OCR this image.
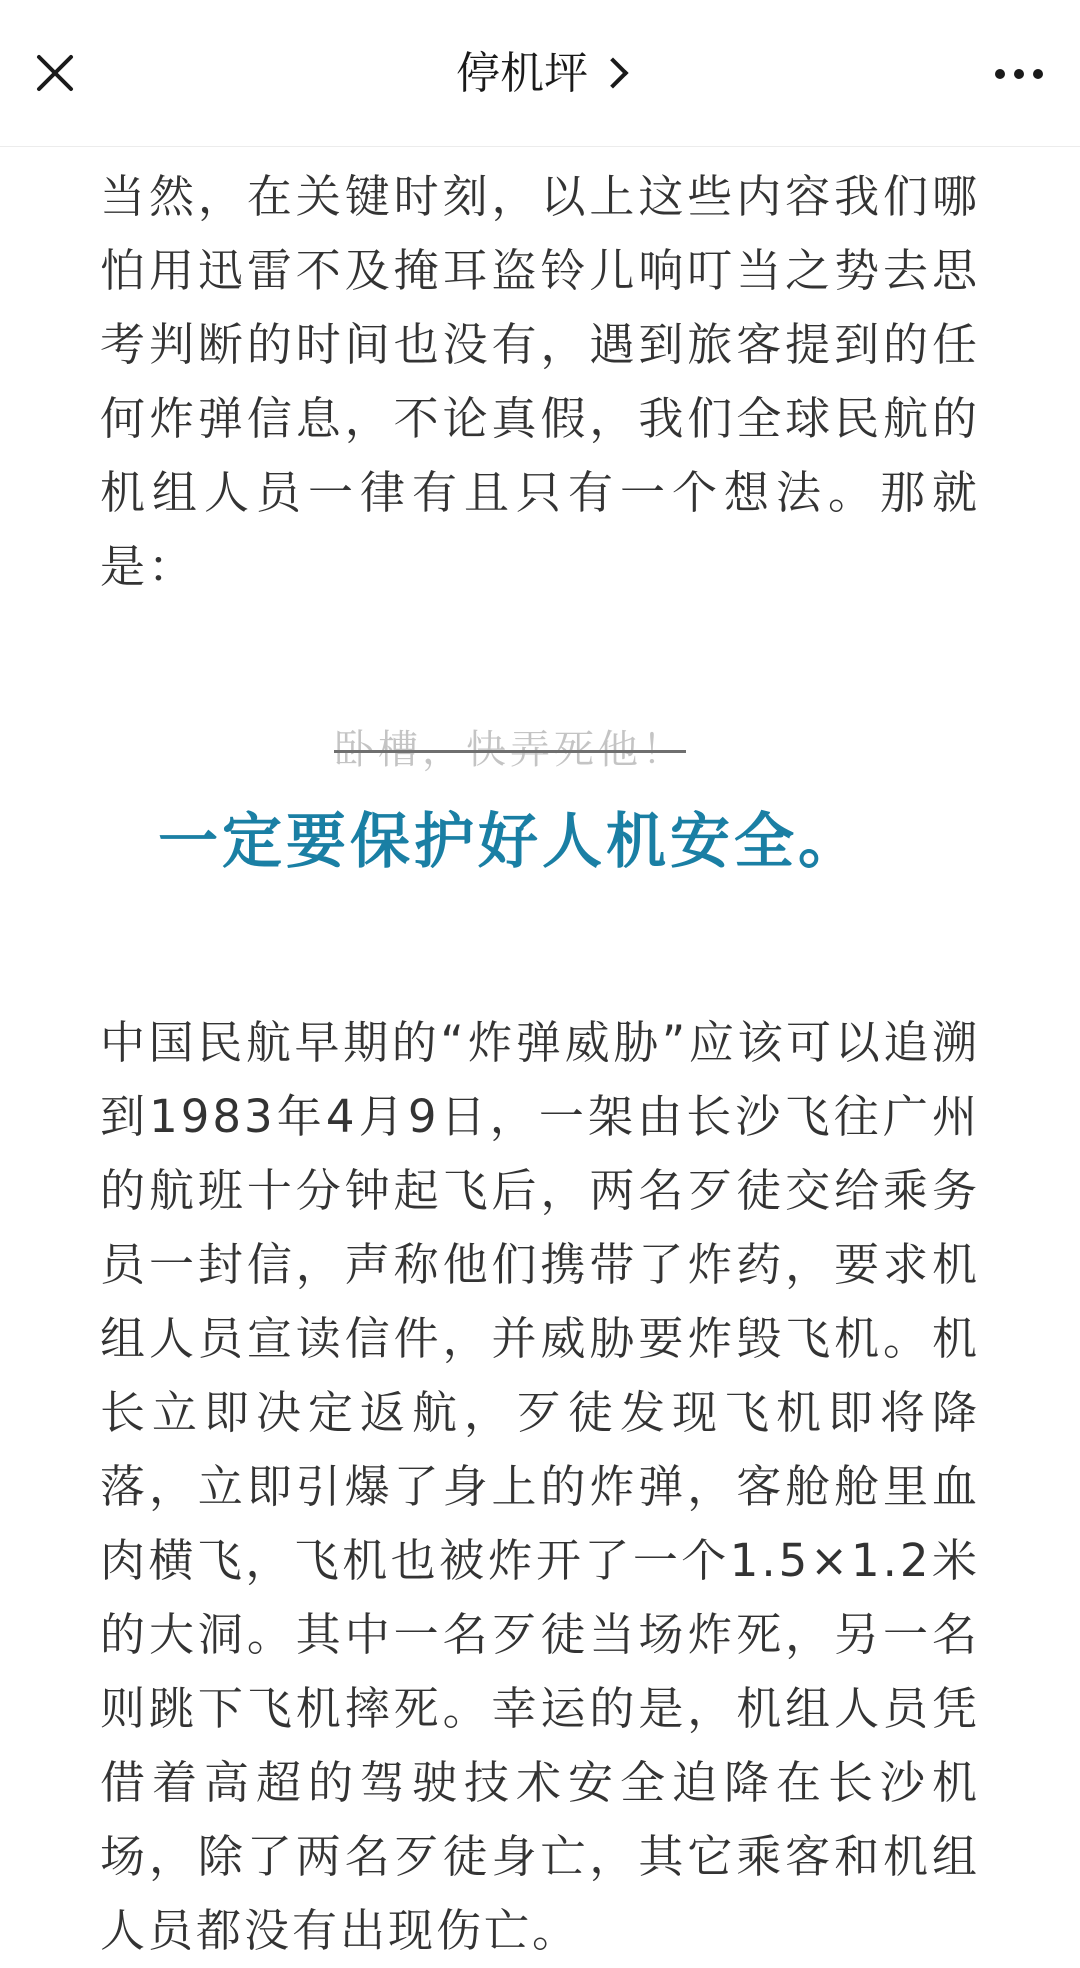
停机坪

当然，在关键时刻，以上这些内容我们哪怕用迅雷不及掩耳盗铃儿响叮当之势去思考判断的时间也没有，遇到旅客提到的任何炸弹信息，不论真假，我们全球民航的机组人员一律有且只有一个想法。那就是：

卧槽，快弄死他！

一定要保护好人机安全。

中国民航早期的“炸弹威胁”应该可以追溯到1983年4月9日，一架由长沙飞往广州的航班十分钟起飞后，两名歹徒交给乘务员一封信，声称他们携带了炸药，要求机组人员宣读信件，并威胁要炸毁飞机。机长立即决定返航，歹徒发现飞机即将降落，立即引爆了身上的炸弹，客舱舱里血肉横飞，飞机也被炸开了一个1.5×1.2米的大洞。其中一名歹徒当场炸死，另一名则跳下飞机摔死。幸运的是，机组人员凭借着高超的驾驶技术安全迫降在长沙机场，除了两名歹徒身亡，其它乘客和机组人员都没有出现伤亡。
